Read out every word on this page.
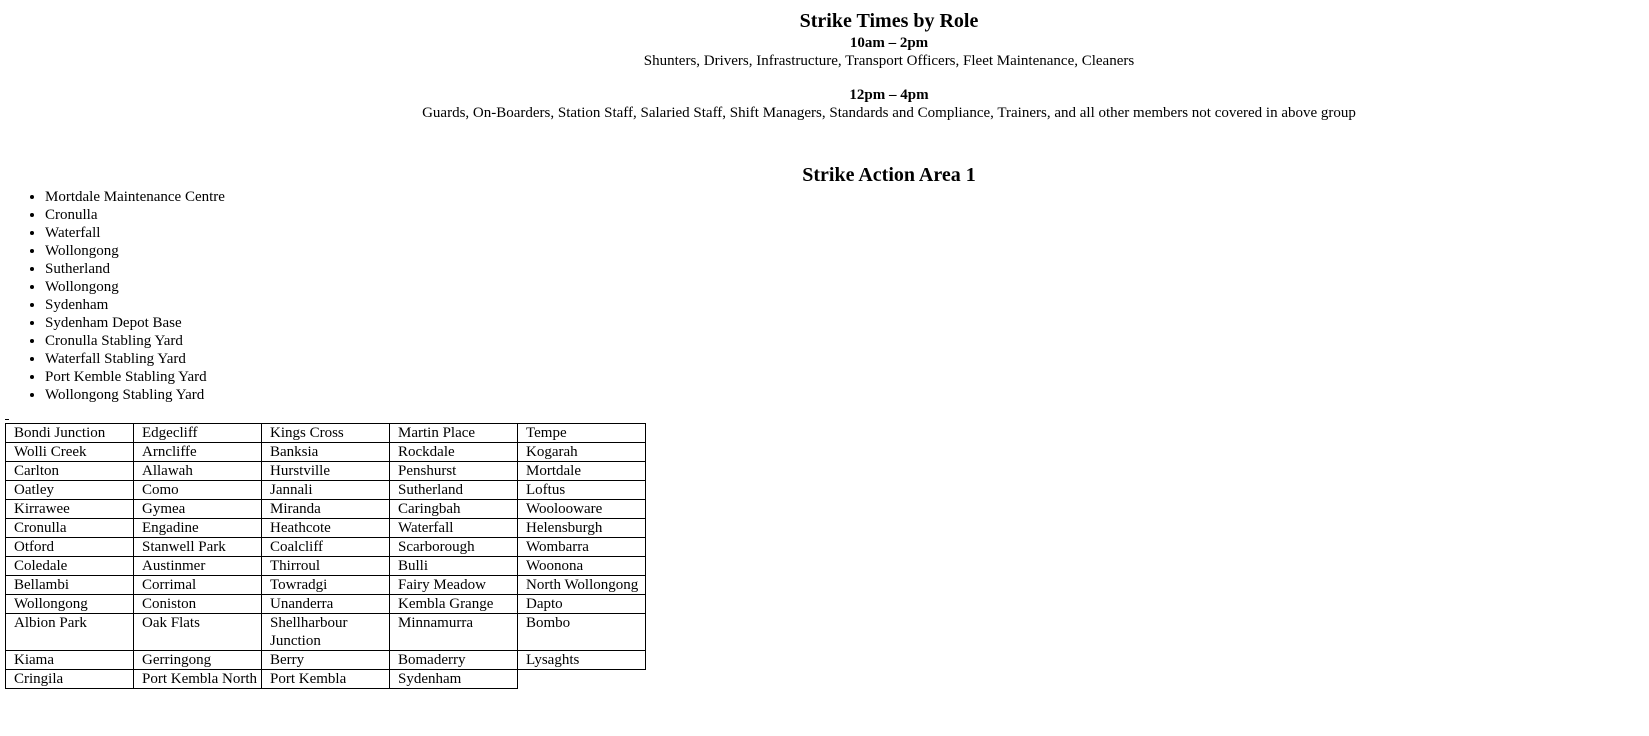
Strike Times by Role
10am – 2pm
Shunters, Drivers, Infrastructure, Transport Officers, Fleet Maintenance, Cleaners
12pm – 4pm
Guards, On-Boarders, Station Staff, Salaried Staff, Shift Managers, Standards and Compliance, Trainers, and all other members not covered in above group
Strike Action Area 1
• Mortdale Maintenance Centre
• Cronulla
• Waterfall
• Wollongong
• Sutherland
• Wollongong
• Sydenham
• Sydenham Depot Base
• Cronulla Stabling Yard
• Waterfall Stabling Yard
• Port Kemble Stabling Yard
• Wollongong Stabling Yard
Bondi Junction	Edgecliff	Kings Cross	Martin Place	Tempe
Wolli Creek	Arncliffe	Banksia	Rockdale	Kogarah
Carlton	Allawah	Hurstville	Penshurst	Mortdale
Oatley	Como	Jannali	Sutherland	Loftus
Kirrawee	Gymea	Miranda	Caringbah	Woolooware
Cronulla	Engadine	Heathcote	Waterfall	Helensburgh
Otford	Stanwell Park	Coalcliff	Scarborough	Wombarra
Coledale	Austinmer	Thirroul	Bulli	Woonona
Bellambi	Corrimal	Towradgi	Fairy Meadow	North Wollongong
Wollongong	Coniston	Unanderra	Kembla Grange	Dapto
Albion Park	Oak Flats	Shellharbour Junction	Minnamurra	Bombo
Kiama	Gerringong	Berry	Bomaderry	Lysaghts
Cringila	Port Kembla North	Port Kembla	Sydenham	
